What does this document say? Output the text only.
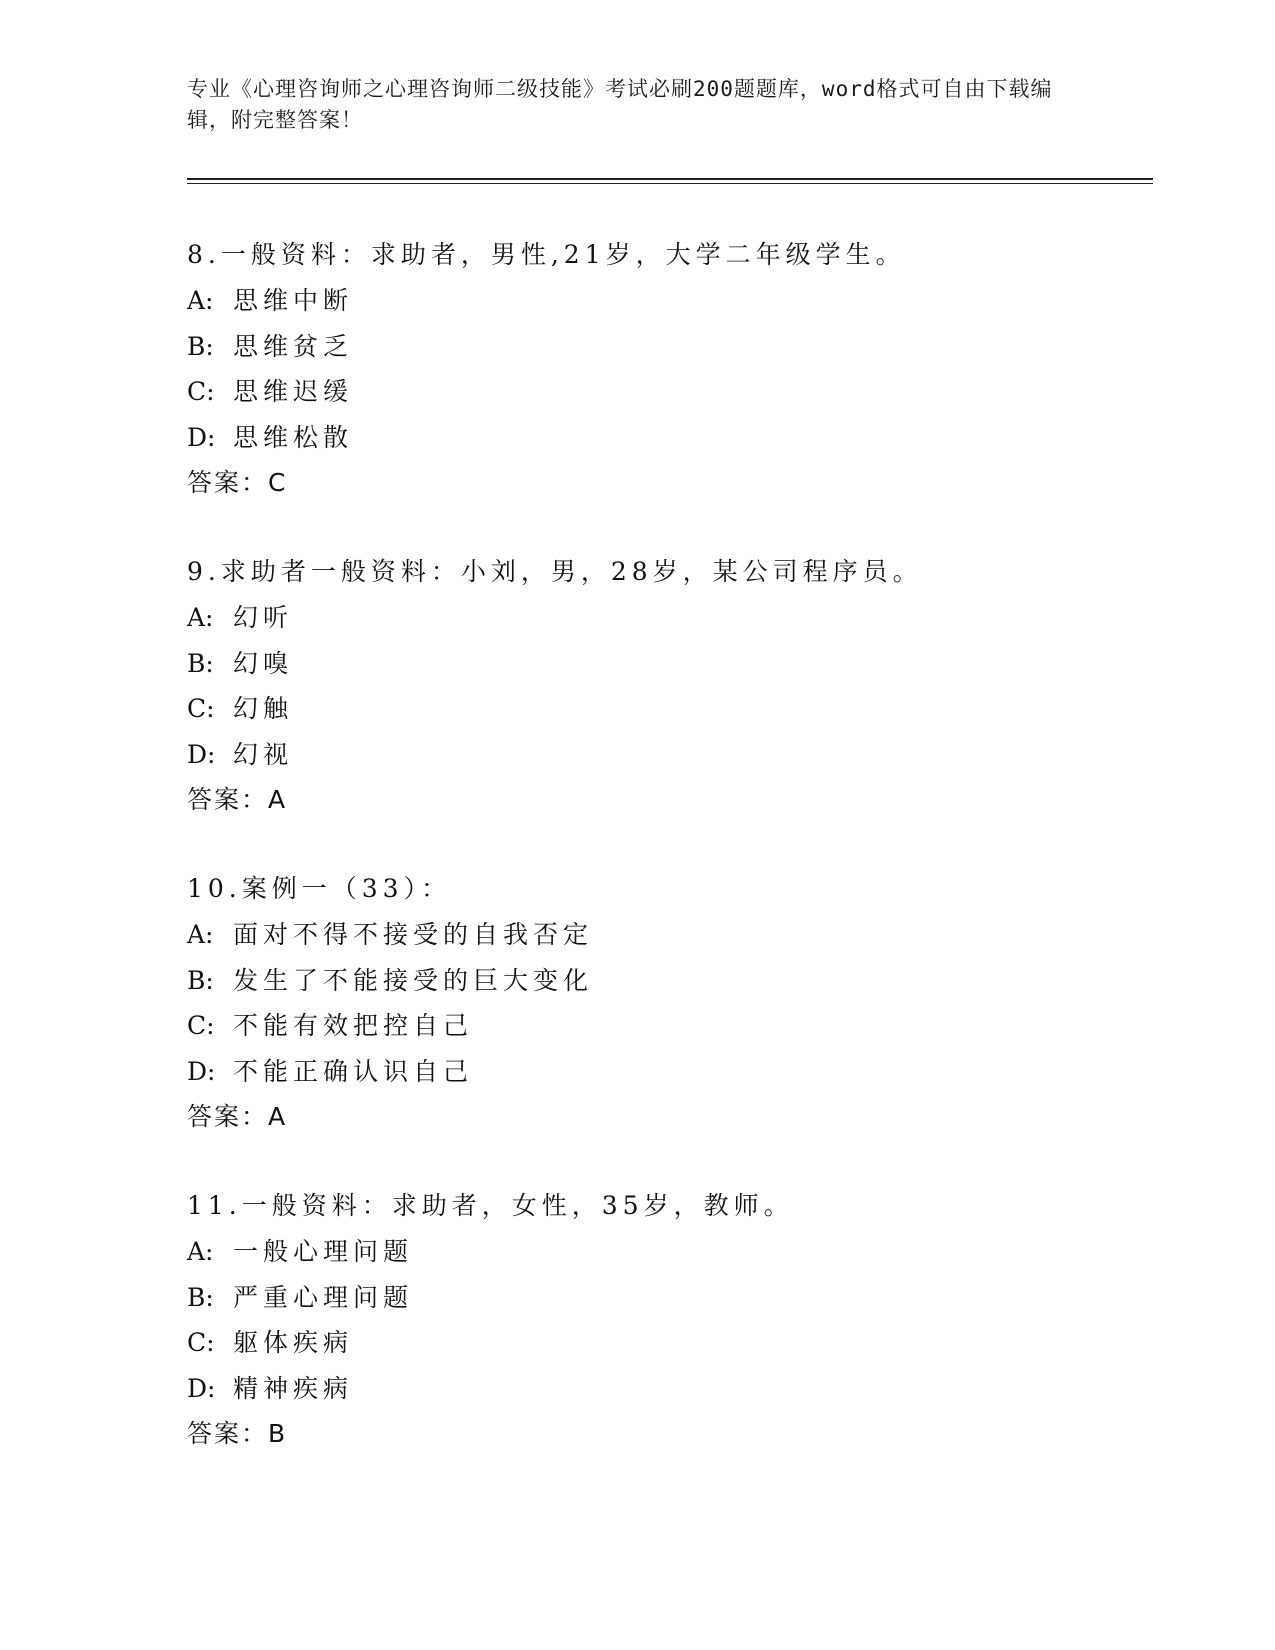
专业《心理咨询师之心理咨询师二级技能》考试必刷200题题库，word格式可自由下载编辑，附完整答案！
8.一般资料：求助者，男性,21岁，大学二年级学生。
A: 思维中断
B: 思维贫乏
C: 思维迟缓
D: 思维松散
答案：C
9.求助者一般资料：小刘，男，28岁，某公司程序员。
A: 幻听
B: 幻嗅
C: 幻触
D: 幻视
答案：A
10.案例一（33）：
A: 面对不得不接受的自我否定
B: 发生了不能接受的巨大变化
C: 不能有效把控自己
D: 不能正确认识自己
答案：A
11.一般资料：求助者，女性，35岁，教师。
A: 一般心理问题
B: 严重心理问题
C: 躯体疾病
D: 精神疾病
答案：B
